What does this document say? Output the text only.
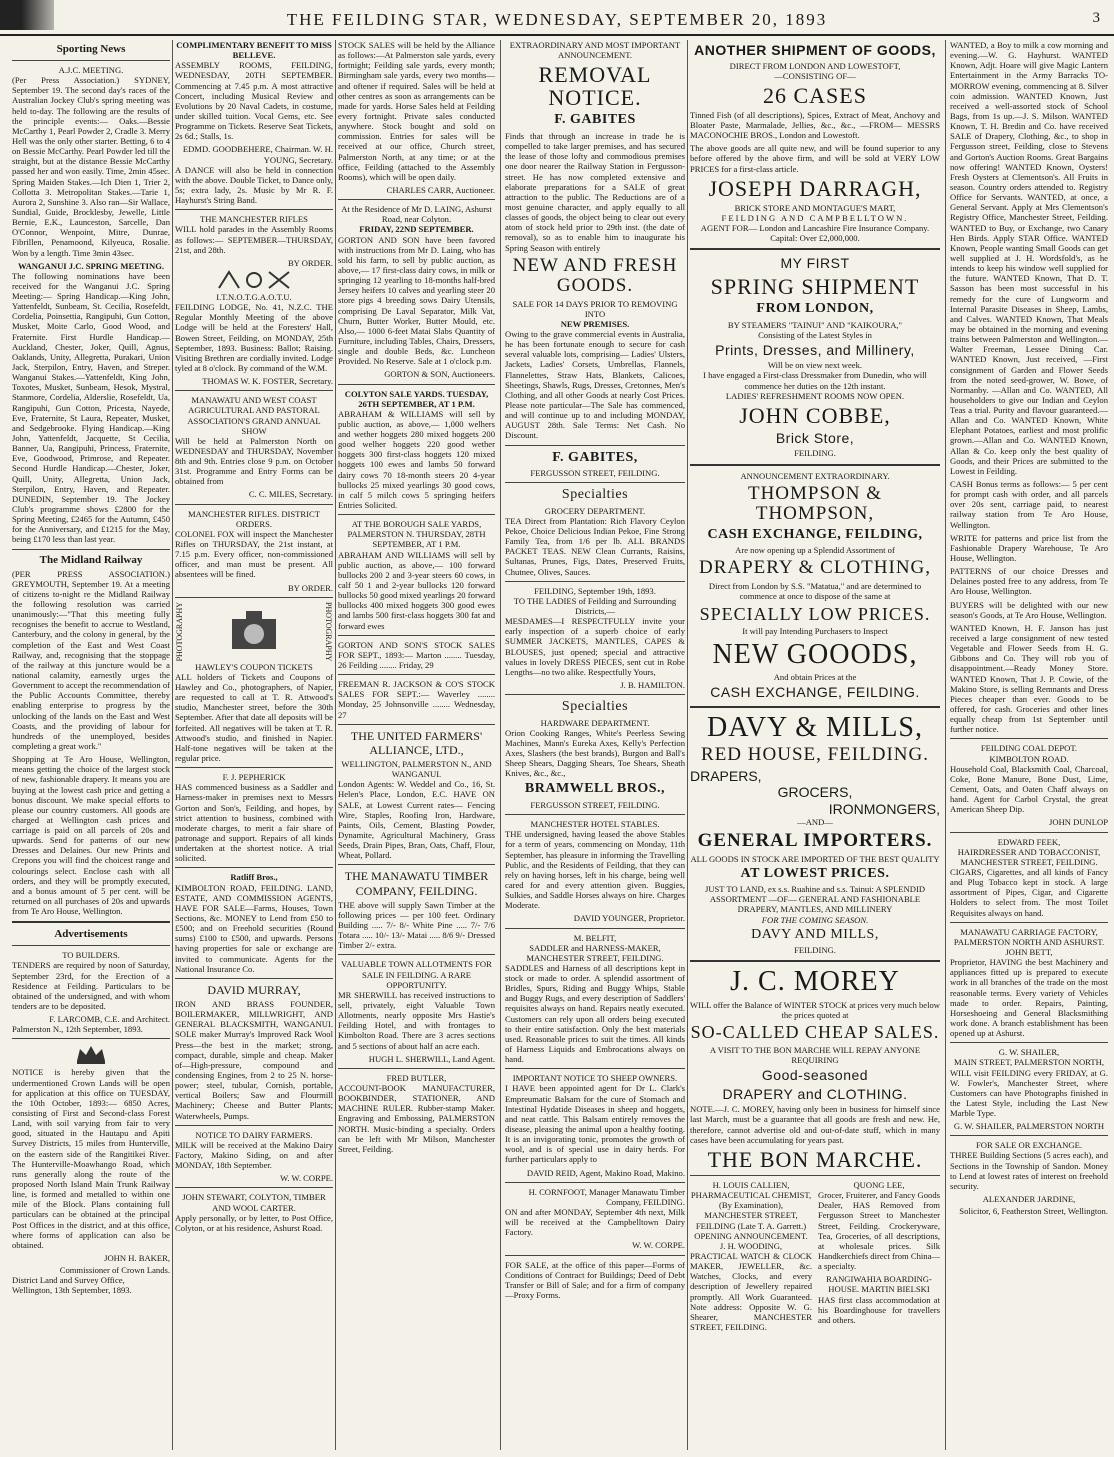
THE FEILDING STAR, WEDNESDAY, SEPTEMBER 20, 1893	3
Sporting News
A.J.C. MEETING.
(Per Press Association.) SYDNEY, September 19. The second day's races of the Australian Jockey Club's spring meeting was held to-day. The following are the results of the principle events:— Oaks.—Bessie McCarthy 1, Pearl Powder 2, Cradle 3. Merry Hell was the only other starter. Betting, 6 to 4 on Bessie McCarthy. Pearl Powder led till the straight, but at the distance Bessie McCarthy passed her and won easily. Time, 2min 45sec. Spring Maiden Stakes.—Ich Dien 1, Trier 2, Collotta 3. Metropolitan Stakes.—Tarie 1, Aurora 2, Sunshine 3. Also ran—Sir Wallace, Sundial, Guide, Brocklesby, Jewelle, Little Bernie, E.K., Launceston, Sarcelle, Dan O'Connor, Wenpoint, Mitre, Dunrae, Fibrillen, Penamoond, Kilyeuca, Rosalie. Won by a length. Time 3min 43sec.
WANGANUI J.C. SPRING MEETING.
The following nominations have been received for the Wanganui J.C. Spring Meeting:— Spring Handicap.—King John, Yattenfeldt, Sunbeam, St. Cecilia, Rosefeldt, Cordelia, Poinsettia, Rangipuhi, Gun Cotton, Musket, Moite Carlo, Good Wood, and Fraternite. First Hurdle Handicap.—Auckland, Chester, Joker, Quill, Agnus, Oaklands, Unity, Allegretta, Purakari, Union Jack, Sterpilon, Entry, Haven, and Streper. Wanganui Stakes.—Yattenfeldt, King John, Toxotes, Musket, Sunbeam, Hesok, Mystral, Stanmore, Cordelia, Alderslie, Rosefeldt, Ua, Rangipuhi, Gun Cotton, Pricesta, Nayede, Eve, Fraternite, St Laura, Repeater, Musket, and Sedgebrooke. Flying Handicap.—King John, Yattenfeldt, Jacquette, St Cecilia, Banner, Ua, Rangipuhi, Princess, Fraternite, Eve, Goodwood, Primrose, and Repeater. Second Hurdle Handicap.—Chester, Joker, Quill, Unity, Allegretta, Union Jack, Sterpilon, Entry, Haven, and Repeater. DUNEDIN, September 19. The Jockey Club's programme shows £2800 for the Spring Meeting, £2465 for the Autumn, £450 for the Anniversary, and £1215 for the May, being £170 less than last year.
The Midland Railway
(PER PRESS ASSOCIATION.) GREYMOUTH, September 19. At a meeting of citizens to-night re the Midland Railway the following resolution was carried unanimously:—"That this meeting fully recognises the benefit to accrue to Westland, Canterbury, and the colony in general, by the completion of the East and West Coast Railway, and, recognising that the stoppage of the railway at this juncture would be a national calamity, earnestly urges the Government to accept the recommendation of the Public Accounts Committee, thereby enabling enterprise to progress by the unlocking of the lands on the East and West Coasts, and the providing of labour for hundreds of the unemployed, besides completing a great work."
Shopping at Te Aro House, Wellington, means getting the choice of the largest stock of new, fashionable drapery. It means you are buying at the lowest cash price and getting a bonus discount. We make special efforts to please our country customers. All goods are charged at Wellington cash prices and carriage is paid on all parcels of 20s and upwards. Send for patterns of our new Dresses and Delaines. Our new Prints and Crepons you will find the choicest range and colourings select. Enclose cash with all orders, and they will be promptly executed, and a bonus amount of 5 per cent. will be returned on all purchases of 20s and upwards from Te Aro House, Wellington.
Advertisements
TO BUILDERS.
TENDERS are required by noon of Saturday, September 23rd, for the Erection of a Residence at Feilding. Particulars to be obtained of the undersigned, and with whom tenders are to be deposited.
F. LARCOMB, C.E. and Architect.
Palmerston N., 12th September, 1893.
NOTICE is hereby given that the undermentioned Crown Lands will be open for application at this office on TUESDAY, the 10th October, 1893:— 6850 Acres, consisting of First and Second-class Forest Land, with soil varying from fair to very good, situated in the Hautapu and Apiti Survey Districts, 15 miles from Hunterville, on the eastern side of the Rangitikei River. The Hunterville-Moawhango Road, which runs generally along the route of the proposed North Island Main Trunk Railway line, is formed and metalled to within one mile of the Block. Plans containing full particulars can be obtained at the principal Post Offices in the district, and at this office, where forms of application can also be obtained.
JOHN H. BAKER,
Commissioner of Crown Lands.
District Land and Survey Office,
Wellington, 13th September, 1893.
COMPLIMENTARY BENEFIT TO MISS BELLEVE.
ASSEMBLY ROOMS, FEILDING, WEDNESDAY, 20TH SEPTEMBER. Commencing at 7.45 p.m. A most attractive Concert, including Musical Review and Evolutions by 20 Naval Cadets, in costume, under skilled tuition. Vocal Gems, etc. See Programme on Tickets. Reserve Seat Tickets, 2s 6d.; Stalls, 1s.
EDMD. GOODBEHERE, Chairman. W. H. YOUNG, Secretary.
A DANCE will also be held in connection with the above. Double Ticket, to Dance only, 5s; extra lady, 2s. Music by Mr R. F. Hayhurst's String Band.
THE MANCHESTER RIFLES
WILL hold parades in the Assembly Rooms as follows:— SEPTEMBER—THURSDAY, 21st, and 28th.
BY ORDER.
I.T.N.O.T.G.A.O.T.U.
FEILDING LODGE, No. 41, N.Z.C. THE Regular Monthly Meeting of the above Lodge will be held at the Foresters' Hall, Bowen Street, Feilding, on MONDAY, 25th September, 1893. Business: Ballot; Raising. Visiting Brethren are cordially invited. Lodge tyled at 8 o'clock. By command of the W.M.
THOMAS W. K. FOSTER, Secretary.
MANAWATU AND WEST COAST AGRICULTURAL AND PASTORAL ASSOCIATION'S GRAND ANNUAL SHOW
Will be held at Palmerston North on WEDNESDAY and THURSDAY, November 8th and 9th. Entries close 9 p.m. on October 31st. Programme and Entry Forms can be obtained from
C. C. MILES, Secretary.
MANCHESTER RIFLES. DISTRICT ORDERS.
COLONEL FOX will inspect the Manchester Rifles on THURSDAY, the 21st instant, at 7.15 p.m. Every officer, non-commissioned officer, and man must be present. All absentees will be fined.
BY ORDER.
PHOTOGRAPHY	PHOTOGRAPHY
HAWLEY'S COUPON TICKETS
ALL holders of Tickets and Coupons of Hawley and Co., photographers, of Napier, are requested to call at T. R. Attwood's studio, Manchester street, before the 30th September. After that date all deposits will be forfeited. All negatives will be taken at T. R. Attwood's studio, and finished in Napier. Half-tone negatives will be taken at the regular price.
F. J. PEPHERICK
HAS commenced business as a Saddler and Harness-maker in premises next to Messrs Gorton and Son's, Feilding, and hopes, by strict attention to business, combined with moderate charges, to merit a fair share of patronage and support. Repairs of all kinds undertaken at the shortest notice. A trial solicited.
Ratliff Bros.,
KIMBOLTON ROAD, FEILDING. LAND, ESTATE, AND COMMISSION AGENTS, HAVE FOR SALE—Farms, Houses, Town Sections, &c. MONEY to Lend from £50 to £500; and on Freehold securities (Round sums) £100 to £500, and upwards. Persons having properties for sale or exchange are invited to communicate. Agents for the National Insurance Co.
DAVID MURRAY,
IRON AND BRASS FOUNDER, BOILERMAKER, MILLWRIGHT, AND GENERAL BLACKSMITH, WANGANUI. SOLE maker Murray's Improved Rack Wool Press—the best in the market; strong, compact, durable, simple and cheap. Maker of—High-pressure, compound and condensing Engines, from 2 to 25 N. horse-power; steel, tubular, Cornish, portable, vertical Boilers; Saw and Flourmill Machinery; Cheese and Butter Plants; Waterwheels, Pumps.
NOTICE TO DAIRY FARMERS.
MILK will be received at the Makino Dairy Factory, Makino Siding, on and after MONDAY, 18th September.
W. W. CORPE.
JOHN STEWART, COLYTON, TIMBER AND WOOL CARTER.
Apply personally, or by letter, to Post Office, Colyton, or at his residence, Ashurst Road.
STOCK SALES will be held by the Alliance as follows:—At Palmerston sale yards, every fortnight; Feilding sale yards, every month; Birmingham sale yards, every two months—and oftener if required. Sales will be held at other centres as soon as arrangements can be made for yards. Horse Sales held at Feilding every fortnight. Private sales conducted anywhere. Stock bought and sold on commission. Entries for sales will be received at our office, Church street, Palmerston North, at any time; or at the office, Feilding (attached to the Assembly Rooms), which will be open daily.
CHARLES CARR, Auctioneer.
At the Residence of Mr D. LAING, Ashurst Road, near Colyton.
FRIDAY, 22ND SEPTEMBER.
GORTON AND SON have been favored with instructions from Mr D. Laing, who has sold his farm, to sell by public auction, as above,— 17 first-class dairy cows, in milk or springing 12 yearling to 18-months half-bred Jersey heifers 10 calves and yearling steer 20 store pigs 4 breeding sows Dairy Utensils, comprising De Laval Separator, Milk Vat, Churn, Butter Worker, Butter Mould, etc. Also,— 1000 6-feet Matai Slabs Quantity of Furniture, including Tables, Chairs, Dressers, single and double Beds, &c. Luncheon Provided. No Reserve. Sale at 1 o'clock p.m.
GORTON & SON, Auctioneers.
COLYTON SALE YARDS. TUESDAY, 26TH SEPTEMBER, AT 1 P.M.
ABRAHAM & WILLIAMS will sell by public auction, as above,— 1,000 welhers and wether hoggets 280 mixed hoggets 200 good welher hoggets 220 good wether hoggets 300 first-class hoggets 120 mixed hoggets 100 ewes and lambs 50 forward dairy cows 70 18-month steers 20 4-year bullocks 25 mixed yearlings 30 good cows, in calf 5 milch cows 5 springing heifers Entries Solicited.
AT THE BOROUGH SALE YARDS, PALMERSTON N. THURSDAY, 28TH SEPTEMBER, AT 1 P.M.
ABRAHAM AND WILLIAMS will sell by public auction, as above,— 100 forward bullocks 200 2 and 3-year steers 60 cows, in calf 50 1 and 2-year bullocks 120 forward bullocks 50 good mixed yearlings 20 forward bullocks 400 mixed hoggets 300 good ewes and lambs 500 first-class hoggets 300 fat and forward ewes
GORTON AND SON'S STOCK SALES FOR SEPT., 1893:— Marton ........ Tuesday, 26 Feilding ........ Friday, 29
FREEMAN R. JACKSON & CO'S STOCK SALES FOR SEPT.:— Waverley ........ Monday, 25 Johnsonville ........ Wednesday, 27
THE UNITED FARMERS' ALLIANCE, LTD.,
WELLINGTON, PALMERSTON N., AND WANGANUI.
London Agents: W. Weddel and Co., 16, St. Helen's Place, London, E.C. HAVE ON SALE, at Lowest Current rates— Fencing Wire, Staples, Roofing Iron, Hardware, Paints, Oils, Cement, Blasting Powder, Dynamite, Agricultural Machinery, Grass Seeds, Drain Pipes, Bran, Oats, Chaff, Flour, Wheat, Pollard.
THE MANAWATU TIMBER COMPANY, FEILDING.
THE above will supply Sawn Timber at the following prices — per 100 feet. Ordinary Building ..... 7/- 8/- White Pine ..... 7/- 7/6 Totara ..... 10/- 13/- Matai ..... 8/6 9/- Dressed Timber 2/- extra.
VALUABLE TOWN ALLOTMENTS FOR SALE IN FEILDING. A RARE OPPORTUNITY.
MR SHERWILL has received instructions to sell, privately, eight Valuable Town Allotments, nearly opposite Mrs Hastie's Feilding Hotel, and with frontages to Kimbolton Road. There are 3 acres sections and 5 sections of about half an acre each.
HUGH L. SHERWILL, Land Agent.
FRED BUTLER,
ACCOUNT-BOOK MANUFACTURER, BOOKBINDER, STATIONER, AND MACHINE RULER. Rubber-stamp Maker. Engraving and Embossing, PALMERSTON NORTH. Music-binding a specialty. Orders can be left with Mr Milson, Manchester Street, Feilding.
EXTRAORDINARY AND MOST IMPORTANT ANNOUNCEMENT.
REMOVAL NOTICE.
F. GABITES
Finds that through an increase in trade he is compelled to take larger premises, and has secured the lease of those lofty and commodious premises one door nearer the Railway Station in Fergusson-street. He has now completed extensive and elaborate preparations for a SALE of great attraction to the public. The Reductions are of a most genuine character, and apply equally to all classes of goods, the object being to clear out every atom of stock held prior to 29th inst. (the date of removal), so as to enable him to inaugurate his Spring Season with entirely
NEW AND FRESH GOODS.
SALE FOR 14 DAYS PRIOR TO REMOVING INTO
NEW PREMISES.
Owing to the grave commercial events in Australia, he has been fortunate enough to secure for cash several valuable lots, comprising— Ladies' Ulsters, Jackets, Ladies' Corsets, Umbrellas, Flannels, Flannelettes, Straw Hats, Blankets, Calicoes, Sheetings, Shawls, Rugs, Dresses, Cretonnes, Men's Clothing, and all other Goods at nearly Cost Prices. Please note particular—The Sale has commenced, and will continue up to and including MONDAY, AUGUST 28th. Sale Terms: Net Cash. No Discount.
F. GABITES,
FERGUSSON STREET, FEILDING.
Specialties
GROCERY DEPARTMENT.
TEA Direct from Plantation: Rich Flavory Ceylon Pekoe, Choice Delicious Indian Pekoe, Fine Strong Family Tea, from 1/6 per lb. ALL BRANDS PACKET TEAS. NEW Clean Currants, Raisins, Sultanas, Prunes, Figs, Dates, Preserved Fruits, Chutnee, Olives, Sauces.
FEILDING, September 19th, 1893.
TO THE LADIES of Feilding and Surrounding Districts,—
MESDAMES—I RESPECTFULLY invite your early inspection of a superb choice of early SUMMER JACKETS, MANTLES, CAPES & BLOUSES, just opened; special and attractive values in lovely DRESS PIECES, sent cut in Robe Lengths—no two alike. Respectfully Yours,
J. B. HAMILTON.
Specialties
HARDWARE DEPARTMENT.
Orion Cooking Ranges, White's Peerless Sewing Machines, Mann's Eureka Axes, Kelly's Perfection Axes, Slashers (the best brands), Burgon and Ball's Sheep Shears, Dagging Shears, Toe Shears, Sheath Knives, &c., &c.,
BRAMWELL BROS.,
FERGUSSON STREET, FEILDING.
MANCHESTER HOTEL STABLES.
THE undersigned, having leased the above Stables for a term of years, commencing on Monday, 11th September, has pleasure in informing the Travelling Public, and the Residents of Feilding, that they can rely on having horses, left in his charge, being well cared for and every attention given. Buggies, Sulkies, and Saddle Horses always on hire. Charges Moderate.
DAVID YOUNGER, Proprietor.
M. BELFIT,
SADDLER and HARNESS-MAKER, MANCHESTER STREET, FEILDING.
SADDLES and Harness of all descriptions kept in stock or made to order. A splendid assortment of Bridles, Spurs, Riding and Buggy Whips, Stable and Buggy Rugs, and every description of Saddlers' requisites always on hand. Repairs neatly executed. Customers can rely upon all orders being executed to their entire satisfaction. Only the best materials used. Reasonable prices to suit the times. All kinds of Harness Liquids and Embrocations always on hand.
IMPORTANT NOTICE TO SHEEP OWNERS.
I HAVE been appointed agent for Dr L. Clark's Empreumatic Balsam for the cure of Stomach and Intestinal Hydatide Diseases in sheep and hoggets, and neat cattle. This Balsam entirely removes the disease, pleasing the animal upon a healthy footing. It is an invigorating tonic, promotes the growth of wool, and is of special use in dairy herds. For further particulars apply to
DAVID REID, Agent, Makino Road, Makino.
H. CORNFOOT, Manager Manawatu Timber Company, FEILDING.
ON and after MONDAY, September 4th next, Milk will be received at the Campbelltown Dairy Factory.
W. W. CORPE.
FOR SALE, at the office of this paper—Forms of Conditions of Contract for Buildings; Deed of Debt Transfer or Bill of Sale; and for a firm of company—Proxy Forms.
ANOTHER SHIPMENT OF GOODS,
DIRECT FROM LONDON AND LOWESTOFT,
—CONSISTING OF—
26 CASES
Tinned Fish (of all descriptions), Spices, Extract of Meat, Anchovy and Bloater Paste, Marmalade, Jellies, &c., &c., —FROM— MESSRS MACONOCHIE BROS., London and Lowestoft.
The above goods are all quite new, and will be found superior to any before offered by the above firm, and will be sold at VERY LOW PRICES for a first-class article.
JOSEPH DARRAGH,
BRICK STORE AND MONTAGUE'S MART,
FEILDING AND CAMPBELLTOWN.
AGENT FOR— London and Lancashire Fire Insurance Company. Capital: Over £2,000,000.
MY FIRST
SPRING SHIPMENT
FROM LONDON,
BY STEAMERS "TAINUI" AND "KAIKOURA,"
Consisting of the Latest Styles in
Prints, Dresses, and Millinery,
Will be on view next week.
I have engaged a First-class Dressmaker from Dunedin, who will commence her duties on the 12th instant.
LADIES' REFRESHMENT ROOMS NOW OPEN.
JOHN COBBE,
Brick Store,
FEILDING.
ANNOUNCEMENT EXTRAORDINARY.
THOMPSON & THOMPSON,
CASH EXCHANGE, FEILDING,
Are now opening up a Splendid Assortment of
DRAPERY & CLOTHING,
Direct from London by S.S. "Matatua," and are determined to commence at once to dispose of the same at
SPECIALLY LOW PRICES.
It will pay Intending Purchasers to Inspect
NEW GOOODS,
And obtain Prices at the
CASH EXCHANGE, FEILDING.
DAVY & MILLS,
RED HOUSE, FEILDING.
DRAPERS,
GROCERS,
IRONMONGERS,
—AND—
GENERAL IMPORTERS.
ALL GOODS IN STOCK ARE IMPORTED OF THE BEST QUALITY
AT LOWEST PRICES.
JUST TO LAND, ex s.s. Ruahine and s.s. Tainui: A SPLENDID ASSORTMENT —OF— GENERAL AND FASHIONABLE DRAPERY, MANTLES, AND MILLINERY
FOR THE COMING SEASON.
DAVY AND MILLS,
FEILDING.
J. C. MOREY
WILL offer the Balance of WINTER STOCK at prices very much below the prices quoted at
SO-CALLED CHEAP SALES.
A VISIT TO THE BON MARCHE WILL REPAY ANYONE REQUIRING
Good-seasoned
DRAPERY and CLOTHING.
NOTE.—J. C. MOREY, having only been in business for himself since last March, must be a guarantee that all goods are fresh and new. He, therefore, cannot advertise old and out-of-date stuff, which in many cases have been accumulating for years past.
THE BON MARCHE.
H. LOUIS CALLIEN,
PHARMACEUTICAL CHEMIST, (By Examination), MANCHESTER STREET, FEILDING (Late T. A. Garrett.) OPENING ANNOUNCEMENT.
J. H. WOODING,
PRACTICAL WATCH & CLOCK MAKER, JEWELLER, &c. Watches, Clocks, and every description of Jewellery repaired promptly. All Work Guaranteed. Note address: Opposite W. G. Shearer, MANCHESTER STREET, FEILDING.
QUONG LEE,
Grocer, Fruiterer, and Fancy Goods Dealer, HAS Removed from Fergusson Street to Manchester Street, Feilding. Crockeryware, Tea, Groceries, of all descriptions, at wholesale prices. Silk Handkerchiefs direct from China—a specialty.
RANGIWAHIA BOARDING-HOUSE. MARTIN BIELSKI
HAS first class accommodation at his Boardinghouse for travellers and others.
WANTED, a Boy to milk a cow morning and evening.—W. G. Hayhurst. WANTED Known, Adjt. Hoare will give Magic Lantern Entertainment in the Army Barracks TO-MORROW evening, commencing at 8. Silver coin admission. WANTED Known, Just received a well-assorted stock of School Bags, from 1s up.—J. S. Milson. WANTED Known, T. H. Bredin and Co. have received SALE of Drapery, Clothing, &c., to shop in Fergusson street, Feilding, close to Stevens and Gorton's Auction Rooms. Great Bargains now offering! WANTED Known, Oysters! Fresh Oysters at Clementson's. All Fruits in season. Country orders attended to. Registry Office for Servants. WANTED, at once, a General Servant. Apply at Mrs Clementson's Registry Office, Manchester Street, Feilding. WANTED to Buy, or Exchange, two Canary Hen Birds. Apply STAR Office. WANTED Known, People wanting Small Goods can get well supplied at J. H. Wordsfold's, as he intends to keep his window well supplied for the future. WANTED Known, That D. T. Sasson has been most successful in his remedy for the cure of Lungworm and Internal Parasite Diseases in Sheep, Lambs, and Calves. WANTED Known, That Meals may be obtained in the morning and evening trains between Palmerston and Wellington.—Walter Freeman, Lessee Dining Car. WANTED Known, Just received, —First consignment of Garden and Flower Seeds from the noted seed-grower, W. Bowe, of Normanby. —Allan and Co. WANTED, All householders to give our Indian and Ceylon Teas a trial. Purity and flavour guaranteed.—Allan and Co. WANTED Known, White Elephant Potatoes, earliest and most prolific grown.—Allan and Co. WANTED Known, Allan & Co. keep only the best quality of Goods, and their Prices are submitted to the Lowest in Feilding.
CASH Bonus terms as follows:— 5 per cent for prompt cash with order, and all parcels over 20s sent, carriage paid, to nearest railway station from Te Aro House, Wellington.
WRITE for patterns and price list from the Fashionable Drapery Warehouse, Te Aro House, Wellington.
PATTERNS of our choice Dresses and Delaines posted free to any address, from Te Aro House, Wellington.
BUYERS will be delighted with our new season's Goods, at Te Aro House, Wellington.
WANTED Known, H. F. Janson has just received a large consignment of new tested Vegetable and Flower Seeds from H. G. Gibbons and Co. They will rob you of disappointment.—Ready Money Store. WANTED Known, That J. P. Cowie, of the Makino Store, is selling Remnants and Dress Pieces cheaper than ever. Goods to be offered, for cash. Groceries and other lines equally cheap from 1st September until further notice.
FEILDING COAL DEPOT.
KIMBOLTON ROAD.
Household Coal, Blacksmith Coal, Charcoal, Coke, Bone Manure, Bone Dust, Lime, Cement, Oats, and Oaten Chaff always on hand. Agent for Carbol Crystal, the great American Sheep Dip.
JOHN DUNLOP
EDWARD FEEK,
HAIRDRESSER AND TOBACCONIST, MANCHESTER STREET, FEILDING.
CIGARS, Cigarettes, and all kinds of Fancy and Plug Tobacco kept in stock. A large assortment of Pipes, Cigar, and Cigarette Holders to select from. The most Toilet Requisites always on hand.
MANAWATU CARRIAGE FACTORY,
PALMERSTON NORTH AND ASHURST.
JOHN BETT,
Proprietor, HAVING the best Machinery and appliances fitted up is prepared to execute work in all branches of the trade on the most reasonable terms. Every variety of Vehicles made to order. Repairs, Painting, Horseshoeing and General Blacksmithing work done. A branch establishment has been opened up at Ashurst.
G. W. SHAILER,
MAIN STREET, PALMERSTON NORTH,
WILL visit FEILDING every FRIDAY, at G. W. Fowler's, Manchester Street, where Customers can have Photographs finished in the Latest Style, including the Last New Marble Type.
G. W. SHAILER, PALMERSTON NORTH
FOR SALE OR EXCHANGE.
THREE Building Sections (5 acres each), and Sections in the Township of Sandon. Money to Lend at lowest rates of interest on freehold security.
ALEXANDER JARDINE,
Solicitor, 6, Featherston Street, Wellington.
